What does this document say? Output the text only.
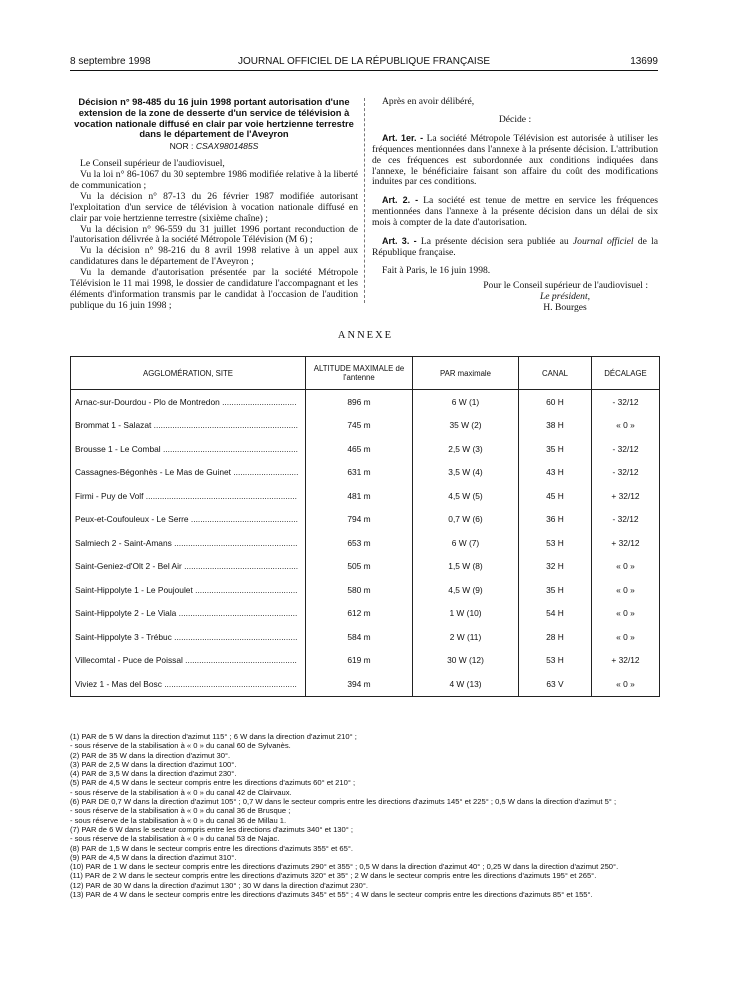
8 septembre 1998	JOURNAL OFFICIEL DE LA RÉPUBLIQUE FRANÇAISE	13699
Décision n° 98-485 du 16 juin 1998 portant autorisation d'une extension de la zone de desserte d'un service de télévision à vocation nationale diffusé en clair par voie hertzienne terrestre dans le département de l'Aveyron
NOR : CSAX9801485S

Le Conseil supérieur de l'audiovisuel,

Vu la loi n° 86-1067 du 30 septembre 1986 modifiée relative à la liberté de communication ;

Vu la décision n° 87-13 du 26 février 1987 modifiée autorisant l'exploitation d'un service de télévision à vocation nationale diffusé en clair par voie hertzienne terrestre (sixième chaîne) ;

Vu la décision n° 96-559 du 31 juillet 1996 portant reconduction de l'autorisation délivrée à la société Métropole Télévision (M 6) ;

Vu la décision n° 98-216 du 8 avril 1998 relative à un appel aux candidatures dans le département de l'Aveyron ;

Vu la demande d'autorisation présentée par la société Métropole Télévision le 11 mai 1998, le dossier de candidature l'accompagnant et les éléments d'information transmis par le candidat à l'occasion de l'audition publique du 16 juin 1998 ;

Après en avoir délibéré,

Décide :

Art. 1er. - La société Métropole Télévision est autorisée à utiliser les fréquences mentionnées dans l'annexe à la présente décision. L'attribution de ces fréquences est subordonnée aux conditions indiquées dans l'annexe, le bénéficiaire faisant son affaire du coût des modifications induites par ces conditions.

Art. 2. - La société est tenue de mettre en service les fréquences mentionnées dans l'annexe à la présente décision dans un délai de six mois à compter de la date d'autorisation.

Art. 3. - La présente décision sera publiée au Journal officiel de la République française.

Fait à Paris, le 16 juin 1998.

Pour le Conseil supérieur de l'audiovisuel :

Le président,

H. Bourges

ANNEXE
AGGLOMÉRATION, SITE	ALTITUDE MAXIMALE de l'antenne	PAR maximale	CANAL	DÉCALAGE
Arnac-sur-Dourdou - Plo de Montredon ................................	896 m	6 W (1)	60 H	- 32/12
Brommat 1 - Salazat ..............................................................	745 m	35 W (2)	38 H	« 0 »
Brousse 1 - Le Combal ..........................................................	465 m	2,5 W (3)	35 H	- 32/12
Cassagnes-Bégonhès - Le Mas de Guinet ............................	631 m	3,5 W (4)	43 H	- 32/12
Firmi - Puy de Volf .................................................................	481 m	4,5 W (5)	45 H	+ 32/12
Peux-et-Coufouleux - Le Serre ..............................................	794 m	0,7 W (6)	36 H	- 32/12
Salmiech 2 - Saint-Amans .....................................................	653 m	6 W (7)	53 H	+ 32/12
Saint-Geniez-d'Olt 2 - Bel Air .................................................	505 m	1,5 W (8)	32 H	« 0 »
Saint-Hippolyte 1 - Le Poujoulet ............................................	580 m	4,5 W (9)	35 H	« 0 »
Saint-Hippolyte 2 - Le Viala ...................................................	612 m	1 W (10)	54 H	« 0 »
Saint-Hippolyte 3 - Trébuc .....................................................	584 m	2 W (11)	28 H	« 0 »
Villecomtal - Puce de Poissal ................................................	619 m	30 W (12)	53 H	+ 32/12
Viviez 1 - Mas del Bosc .........................................................	394 m	4 W (13)	63 V	« 0 »
(1) PAR de 5 W dans la direction d'azimut 115° ; 6 W dans la direction d'azimut 210° ;
- sous réserve de la stabilisation à « 0 » du canal 60 de Sylvanès.
(2) PAR de 35 W dans la direction d'azimut 30°.
(3) PAR de 2,5 W dans la direction d'azimut 100°.
(4) PAR de 3,5 W dans la direction d'azimut 230°.
(5) PAR de 4,5 W dans le secteur compris entre les directions d'azimuts 60° et 210° ;
- sous réserve de la stabilisation à « 0 » du canal 42 de Clairvaux.
(6) PAR DE 0,7 W dans la direction d'azimut 105° ; 0,7 W dans le secteur compris entre les directions d'azimuts 145° et 225° ; 0,5 W dans la direction d'azimut 5° ;
- sous réserve de la stabilisation à « 0 » du canal 36 de Brusque ;
- sous réserve de la stabilisation à « 0 » du canal 36 de Millau 1.
(7) PAR de 6 W dans le secteur compris entre les directions d'azimuts 340° et 130° ;
- sous réserve de la stabilisation à « 0 » du canal 53 de Najac.
(8) PAR de 1,5 W dans le secteur compris entre les directions d'azimuts 355° et 65°.
(9) PAR de 4,5 W dans la direction d'azimut 310°.
(10) PAR de 1 W dans le secteur compris entre les directions d'azimuts 290° et 355° ; 0,5 W dans la direction d'azimut 40° ; 0,25 W dans la direction d'azimut 250°.
(11) PAR de 2 W dans le secteur compris entre les directions d'azimuts 320° et 35° ; 2 W dans le secteur compris entre les directions d'azimuts 195° et 265°.
(12) PAR de 30 W dans la direction d'azimut 130° ; 30 W dans la direction d'azimut 230°.
(13) PAR de 4 W dans le secteur compris entre les directions d'azimuts 345° et 55° ; 4 W dans le secteur compris entre les directions d'azimuts 85° et 155°.
